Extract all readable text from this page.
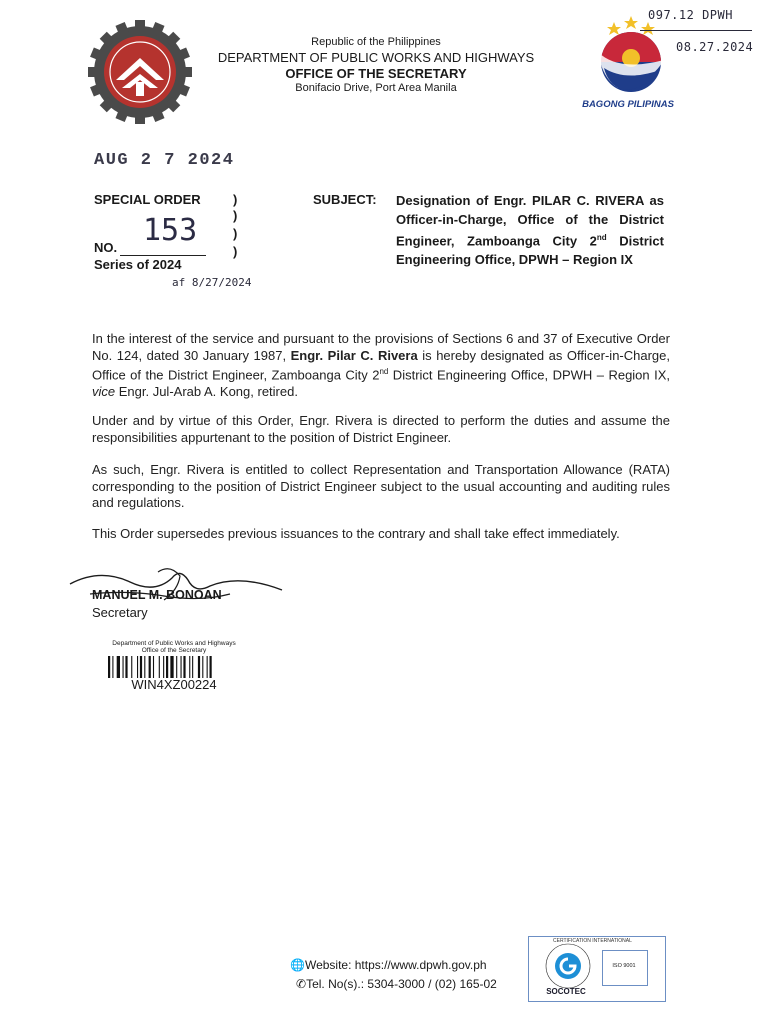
Republic of the Philippines
DEPARTMENT OF PUBLIC WORKS AND HIGHWAYS
OFFICE OF THE SECRETARY
Bonifacio Drive, Port Area Manila
BAGONG PILIPINAS
097.12 DPWH
08.27.2024
AUG 2 7 2024
SPECIAL ORDER )
)
)
)
NO. 153
Series of 2024
af 8/27/2024
SUBJECT: Designation of Engr. PILAR C. RIVERA as Officer-in-Charge, Office of the District Engineer, Zamboanga City 2nd District Engineering Office, DPWH – Region IX
In the interest of the service and pursuant to the provisions of Sections 6 and 37 of Executive Order No. 124, dated 30 January 1987, Engr. Pilar C. Rivera is hereby designated as Officer-in-Charge, Office of the District Engineer, Zamboanga City 2nd District Engineering Office, DPWH – Region IX, vice Engr. Jul-Arab A. Kong, retired.
Under and by virtue of this Order, Engr. Rivera is directed to perform the duties and assume the responsibilities appurtenant to the position of District Engineer.
As such, Engr. Rivera is entitled to collect Representation and Transportation Allowance (RATA) corresponding to the position of District Engineer subject to the usual accounting and auditing rules and regulations.
This Order supersedes previous issuances to the contrary and shall take effect immediately.
MANUEL M. BONOAN
Secretary
Department of Public Works and Highways
Office of the Secretary
WIN4XZ00224
🌐Website: https://www.dpwh.gov.ph
✆Tel. No(s).: 5304-3000 / (02) 165-02
CERTIFICATION INTERNATIONAL
SOCOTEC
ISO 9001
